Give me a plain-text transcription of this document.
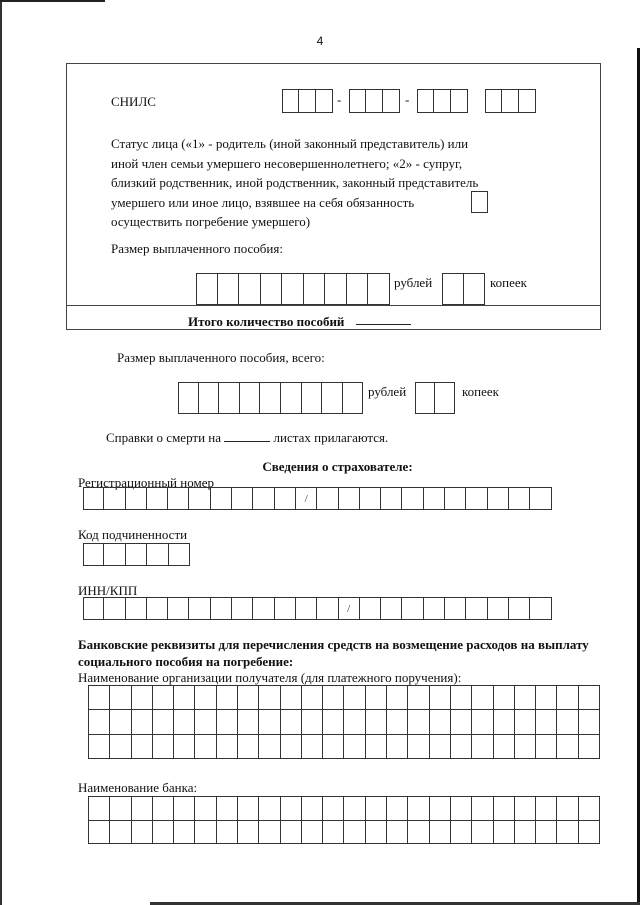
4
СНИЛС	-	-
Статус лица («1» - родитель (иной законный представитель) или
иной член семьи умершего несовершеннолетнего; «2» - супруг,
близкий родственник, иной родственник, законный представитель
умершего или иное лицо, взявшее на себя обязанность
осуществить погребение умершего)
Размер выплаченного пособия:
рублей	копеек
Итого количество пособий
Размер выплаченного пособия, всего:
рублей	копеек
Справки о смерти на	листах прилагаются.
Сведения о страхователе:
Регистрационный номер
/
Код подчиненности
ИНН/КПП
/
Банковские реквизиты для перечисления средств на возмещение расходов на выплату
социального пособия на погребение:
Наименование организации получателя (для платежного поручения):
Наименование банка:
